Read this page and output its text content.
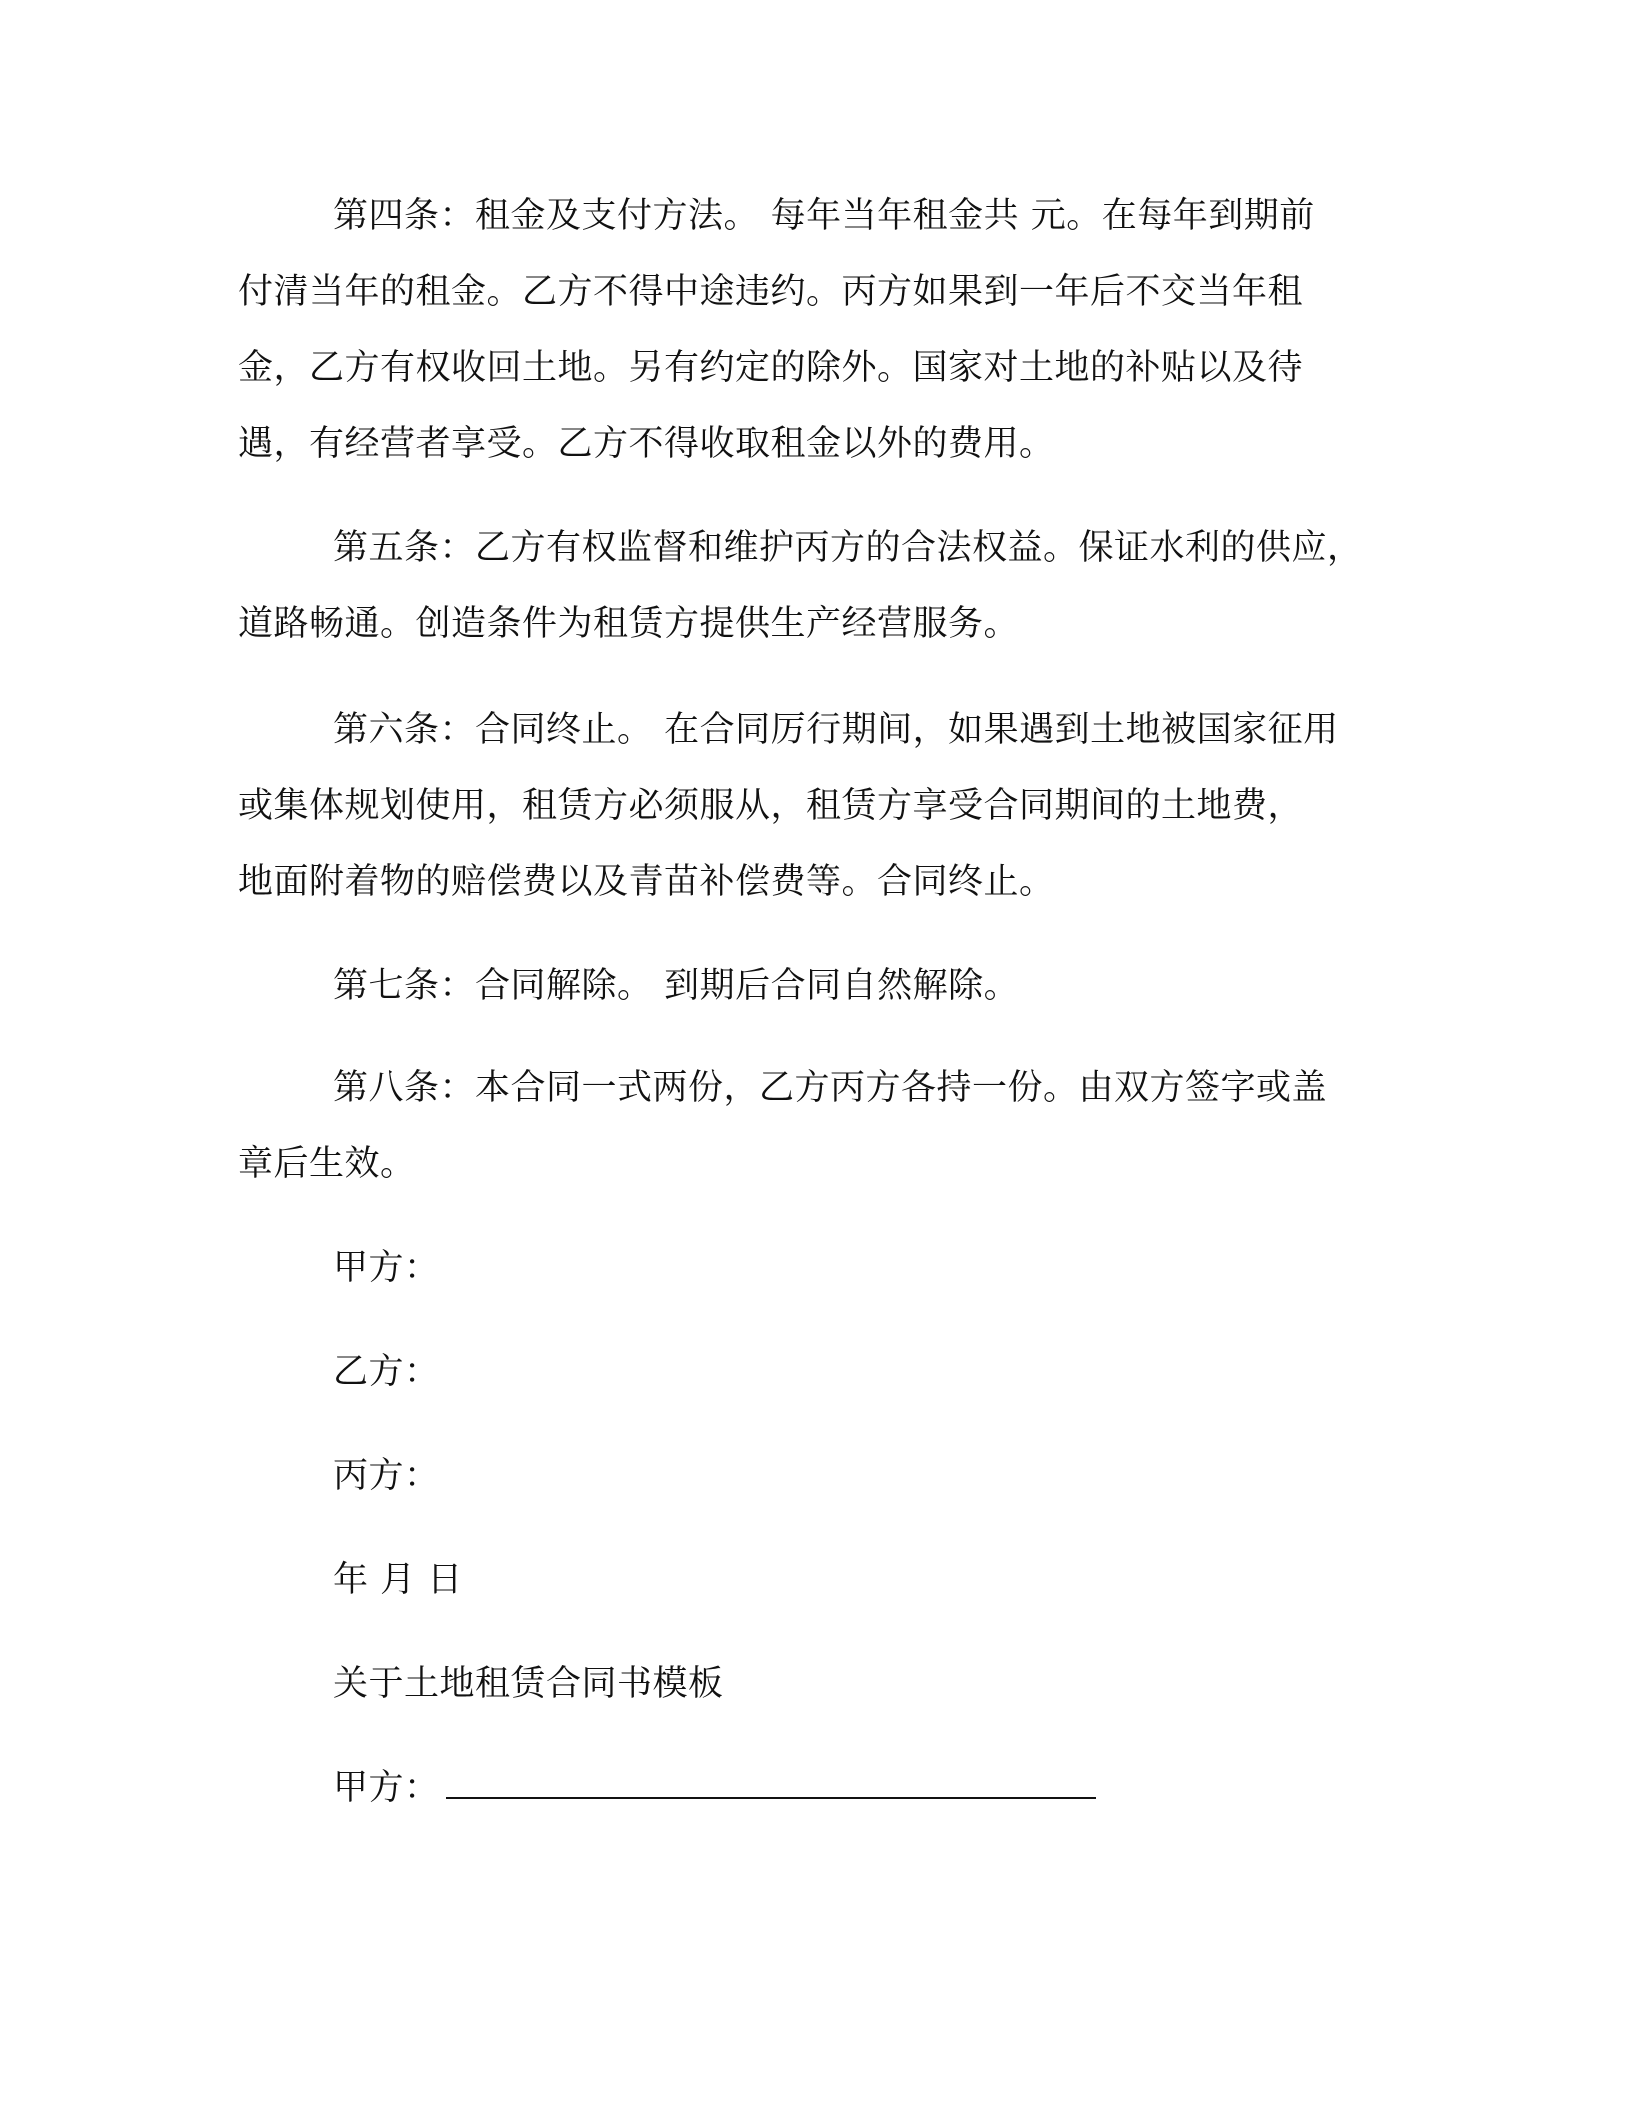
第四条：租金及支付方法。 每年当年租金共 元。在每年到期前
付清当年的租金。乙方不得中途违约。丙方如果到一年后不交当年租
金，乙方有权收回土地。另有约定的除外。国家对土地的补贴以及待
遇，有经营者享受。乙方不得收取租金以外的费用。
第五条：乙方有权监督和维护丙方的合法权益。保证水利的供应，
道路畅通。创造条件为租赁方提供生产经营服务。
第六条：合同终止。 在合同厉行期间，如果遇到土地被国家征用
或集体规划使用，租赁方必须服从，租赁方享受合同期间的土地费，
地面附着物的赔偿费以及青苗补偿费等。合同终止。
第七条：合同解除。 到期后合同自然解除。
第八条：本合同一式两份，乙方丙方各持一份。由双方签字或盖
章后生效。
甲方：
乙方：
丙方：
年 月 日
关于土地租赁合同书模板
甲方：
